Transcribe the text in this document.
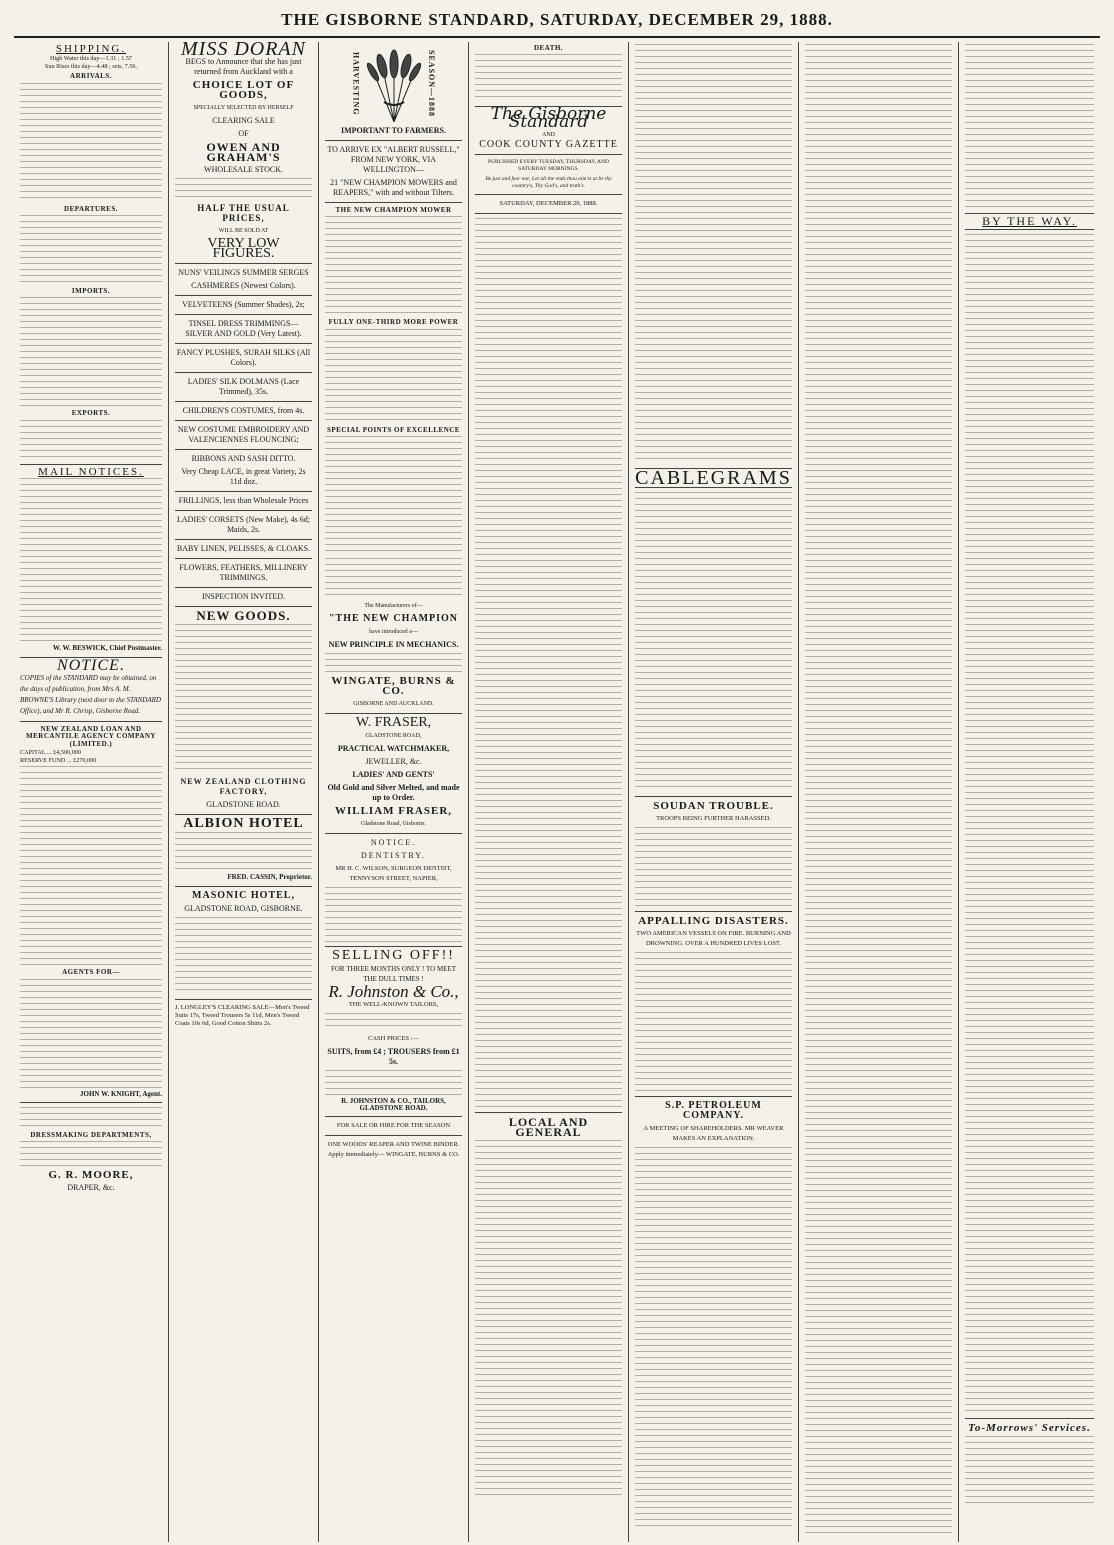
THE GISBORNE STANDARD, SATURDAY, DECEMBER 29, 1888.
SHIPPING.
High Water this day—1.31 ; 1.57
Sun Rises this day—4.48 ; sets, 7.56.
ARRIVALS.
DEPARTURES.
IMPORTS.
EXPORTS.
MAIL NOTICES.
W. W. BESWICK, Chief Postmaster.
NOTICE.
COPIES of the STANDARD may be obtained, on the days of publication, from Mrs A. M. BROWNE'S Library (next door to the STANDARD Office), and Mr R. Chrisp, Gisborne Road.
NEW ZEALAND LOAN AND MERCANTILE AGENCY COMPANY (LIMITED.)
CAPITAL ... £4,500,000
RESERVE FUND ... £270,000
AGENTS FOR—
JOHN W. KNIGHT, Agent.
DRESSMAKING DEPARTMENTS,
G. R. MOORE,
DRAPER, &c.
MISS DORAN
BEGS to Announce that she has just returned from Auckland with a
CHOICE LOT OF GOODS,
SPECIALLY SELECTED BY HERSELF
CLEARING SALE
OF
OWEN AND GRAHAM'S
WHOLESALE STOCK.
HALF THE USUAL PRICES,
WILL BE SOLD AT
VERY LOW FIGURES.
NUNS' VEILINGS SUMMER SERGES
CASHMERES (Newest Colors).
VELVETEENS (Summer Shades), 2s;
TINSEL DRESS TRIMMINGS—SILVER AND GOLD (Very Latest).
FANCY PLUSHES, SURAH SILKS (All Colors).
LADIES' SILK DOLMANS (Lace Trimmed), 35s.
CHILDREN'S COSTUMES, from 4s.
NEW COSTUME EMBROIDERY AND VALENCIENNES FLOUNCING;
RIBBONS AND SASH DITTO.
Very Cheap LACE, in great Variety, 2s 11d doz.
FRILLINGS, less than Wholesale Prices
LADIES' CORSETS (New Make), 4s 6d; Maids, 2s.
BABY LINEN, PELISSES, & CLOAKS.
FLOWERS, FEATHERS, MILLINERY TRIMMINGS.
INSPECTION INVITED.
NEW GOODS.
NEW ZEALAND CLOTHING FACTORY,
GLADSTONE ROAD.
ALBION HOTEL
FRED. CASSIN, Proprietor.
MASONIC HOTEL,
GLADSTONE ROAD, GISBORNE.
J. LONGLEY'S CLEARING SALE—Men's Tweed Suits 17s, Tweed Trousers 5s 11d, Men's Tweed Coats 10s 6d, Good Cotton Shirts 2s.
HARVESTING	SEASON—1888
IMPORTANT TO FARMERS.
TO ARRIVE EX "ALBERT RUSSELL," FROM NEW YORK, VIA WELLINGTON—
21 "NEW CHAMPION MOWERS and REAPERS," with and without Tilters.
THE NEW CHAMPION MOWER
FULLY ONE-THIRD MORE POWER
SPECIAL POINTS OF EXCELLENCE
The Manufacturers of—
"THE NEW CHAMPION
have introduced a—
NEW PRINCIPLE IN MECHANICS.
WINGATE, BURNS & CO.
GISBORNE AND AUCKLAND.
W. FRASER,
GLADSTONE ROAD,
PRACTICAL WATCHMAKER,
JEWELLER, &c.
LADIES' AND GENTS'
Old Gold and Silver Melted, and made up to Order.
WILLIAM FRASER,
Gladstone Road, Gisborne.
NOTICE.
DENTISTRY.
MR H. C. WILSON, SURGEON DENTIST, TENNYSON STREET, NAPIER,
SELLING OFF!!
FOR THREE MONTHS ONLY ! TO MEET THE DULL TIMES !
R. Johnston & Co.,
THE WELL-KNOWN TAILORS,
CASH PRICES :—
SUITS, from £4 ; TROUSERS from £1 5s.
R. JOHNSTON & CO., TAILORS, GLADSTONE ROAD.
FOR SALE OR HIRE FOR THE SEASON
ONE WOODS' REAPER AND TWINE BINDER. Apply immediately— WINGATE, BURNS & CO.
DEATH.
The Gisborne Standard
AND
COOK COUNTY GAZETTE
PUBLISHED EVERY TUESDAY, THURSDAY, AND SATURDAY MORNINGS.
Be just and fear not; Let all the ends thou aim'st at be thy country's, Thy God's, and truth's.
SATURDAY, DECEMBER 29, 1888.
LOCAL AND GENERAL
CABLEGRAMS
SOUDAN TROUBLE.
TROOPS BEING FURTHER HARASSED.
APPALLING DISASTERS.
TWO AMERICAN VESSELS ON FIRE. BURNING AND DROWNING. OVER A HUNDRED LIVES LOST.
S.P. PETROLEUM COMPANY.
A MEETING OF SHAREHOLDERS. MR WEAVER MAKES AN EXPLANATION.
BY THE WAY.
To-Morrows' Services.
